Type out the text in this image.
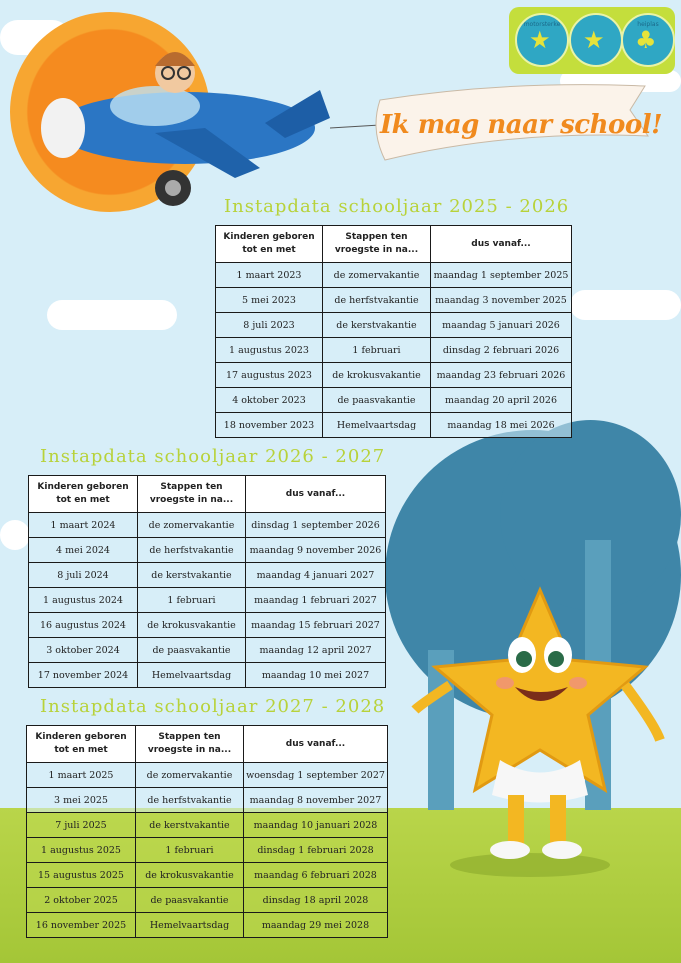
Ik mag naar school!
motorsterke
★ ★
heiplas
♣
Instapdata schooljaar 2025 - 2026
Kinderen geboren tot en met	Stappen ten vroegste in na...	dus vanaf...
1 maart 2023	de zomervakantie	maandag 1 september 2025
5 mei 2023	de herfstvakantie	maandag 3 november 2025
8 juli 2023	de kerstvakantie	maandag 5 januari 2026
1 augustus 2023	1 februari	dinsdag 2 februari 2026
17 augustus 2023	de krokusvakantie	maandag 23 februari 2026
4 oktober 2023	de paasvakantie	maandag 20 april 2026
18 november 2023	Hemelvaartsdag	maandag 18 mei 2026
Instapdata schooljaar 2026 - 2027
Kinderen geboren tot en met	Stappen ten vroegste in na...	dus vanaf...
1 maart 2024	de zomervakantie	dinsdag 1 september 2026
4 mei 2024	de herfstvakantie	maandag 9 november 2026
8 juli 2024	de kerstvakantie	maandag 4 januari 2027
1 augustus 2024	1 februari	maandag 1 februari 2027
16 augustus 2024	de krokusvakantie	maandag 15 februari 2027
3 oktober 2024	de paasvakantie	maandag 12 april 2027
17 november 2024	Hemelvaartsdag	maandag 10 mei 2027
Instapdata schooljaar 2027 - 2028
Kinderen geboren tot en met	Stappen ten vroegste in na...	dus vanaf...
1 maart 2025	de zomervakantie	woensdag 1 september 2027
3 mei 2025	de herfstvakantie	maandag 8 november 2027
7 juli 2025	de kerstvakantie	maandag 10 januari 2028
1 augustus 2025	1 februari	dinsdag 1 februari 2028
15 augustus 2025	de krokusvakantie	maandag 6 februari 2028
2 oktober 2025	de paasvakantie	dinsdag 18 april 2028
16 november 2025	Hemelvaartsdag	maandag 29 mei 2028
